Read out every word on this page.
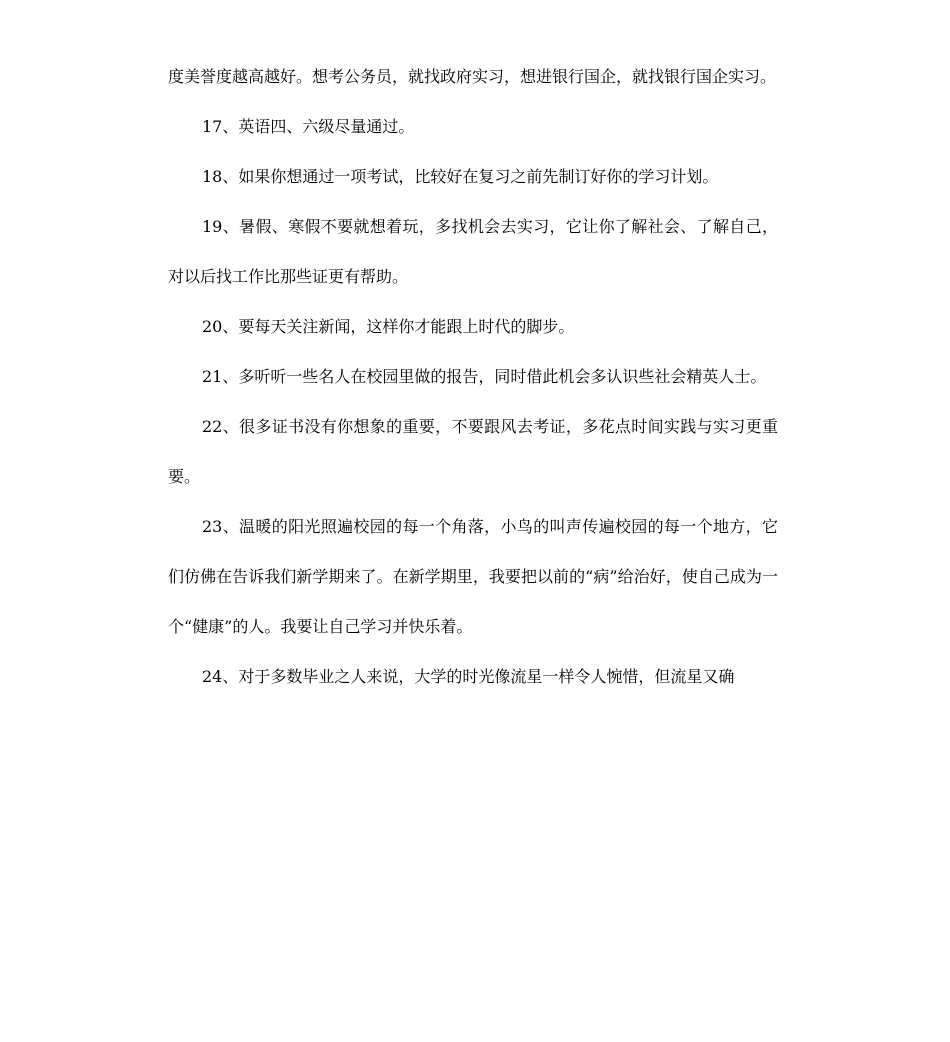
度美誉度越高越好。想考公务员，就找政府实习，想进银行国企，就找银行国企实习。

17、英语四、六级尽量通过。

18、如果你想通过一项考试，比较好在复习之前先制订好你的学习计划。

19、暑假、寒假不要就想着玩，多找机会去实习，它让你了解社会、了解自己，对以后找工作比那些证更有帮助。

20、要每天关注新闻，这样你才能跟上时代的脚步。

21、多听听一些名人在校园里做的报告，同时借此机会多认识些社会精英人士。

22、很多证书没有你想象的重要，不要跟风去考证，多花点时间实践与实习更重要。

23、温暖的阳光照遍校园的每一个角落，小鸟的叫声传遍校园的每一个地方，它们仿佛在告诉我们新学期来了。在新学期里，我要把以前的“病”给治好，使自己成为一个“健康”的人。我要让自己学习并快乐着。

24、对于多数毕业之人来说，大学的时光像流星一样令人惋惜，但流星又确
